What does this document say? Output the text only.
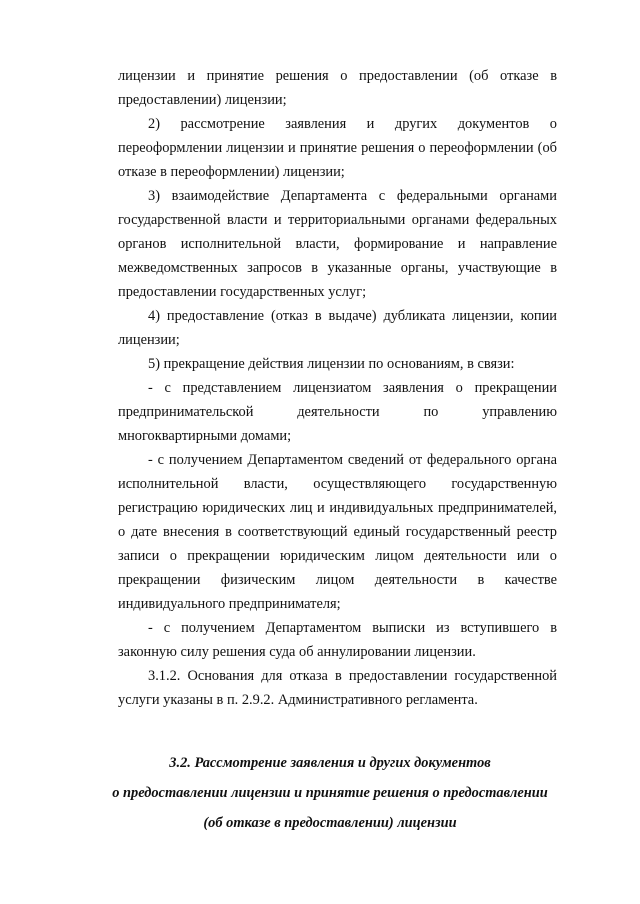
лицензии и принятие решения о предоставлении (об отказе в предоставлении) лицензии;

2) рассмотрение заявления и других документов о переоформлении лицензии и принятие решения о переоформлении (об отказе в переоформлении) лицензии;

3) взаимодействие Департамента с федеральными органами государственной власти и территориальными органами федеральных органов исполнительной власти, формирование и направление межведомственных запросов в указанные органы, участвующие в предоставлении государственных услуг;

4) предоставление (отказ в выдаче) дубликата лицензии, копии лицензии;

5) прекращение действия лицензии по основаниям, в связи:

- с представлением лицензиатом заявления о прекращении предпринимательской деятельности по управлению многоквартирными домами;

- с получением Департаментом сведений от федерального органа исполнительной власти, осуществляющего государственную регистрацию юридических лиц и индивидуальных предпринимателей, о дате внесения в соответствующий единый государственный реестр записи о прекращении юридическим лицом деятельности или о прекращении физическим лицом деятельности в качестве индивидуального предпринимателя;

- с получением Департаментом выписки из вступившего в законную силу решения суда об аннулировании лицензии.

3.1.2. Основания для отказа в предоставлении государственной услуги указаны в п. 2.9.2. Административного регламента.

3.2. Рассмотрение заявления и других документов
о предоставлении лицензии и принятие решения о предоставлении
(об отказе в предоставлении) лицензии
